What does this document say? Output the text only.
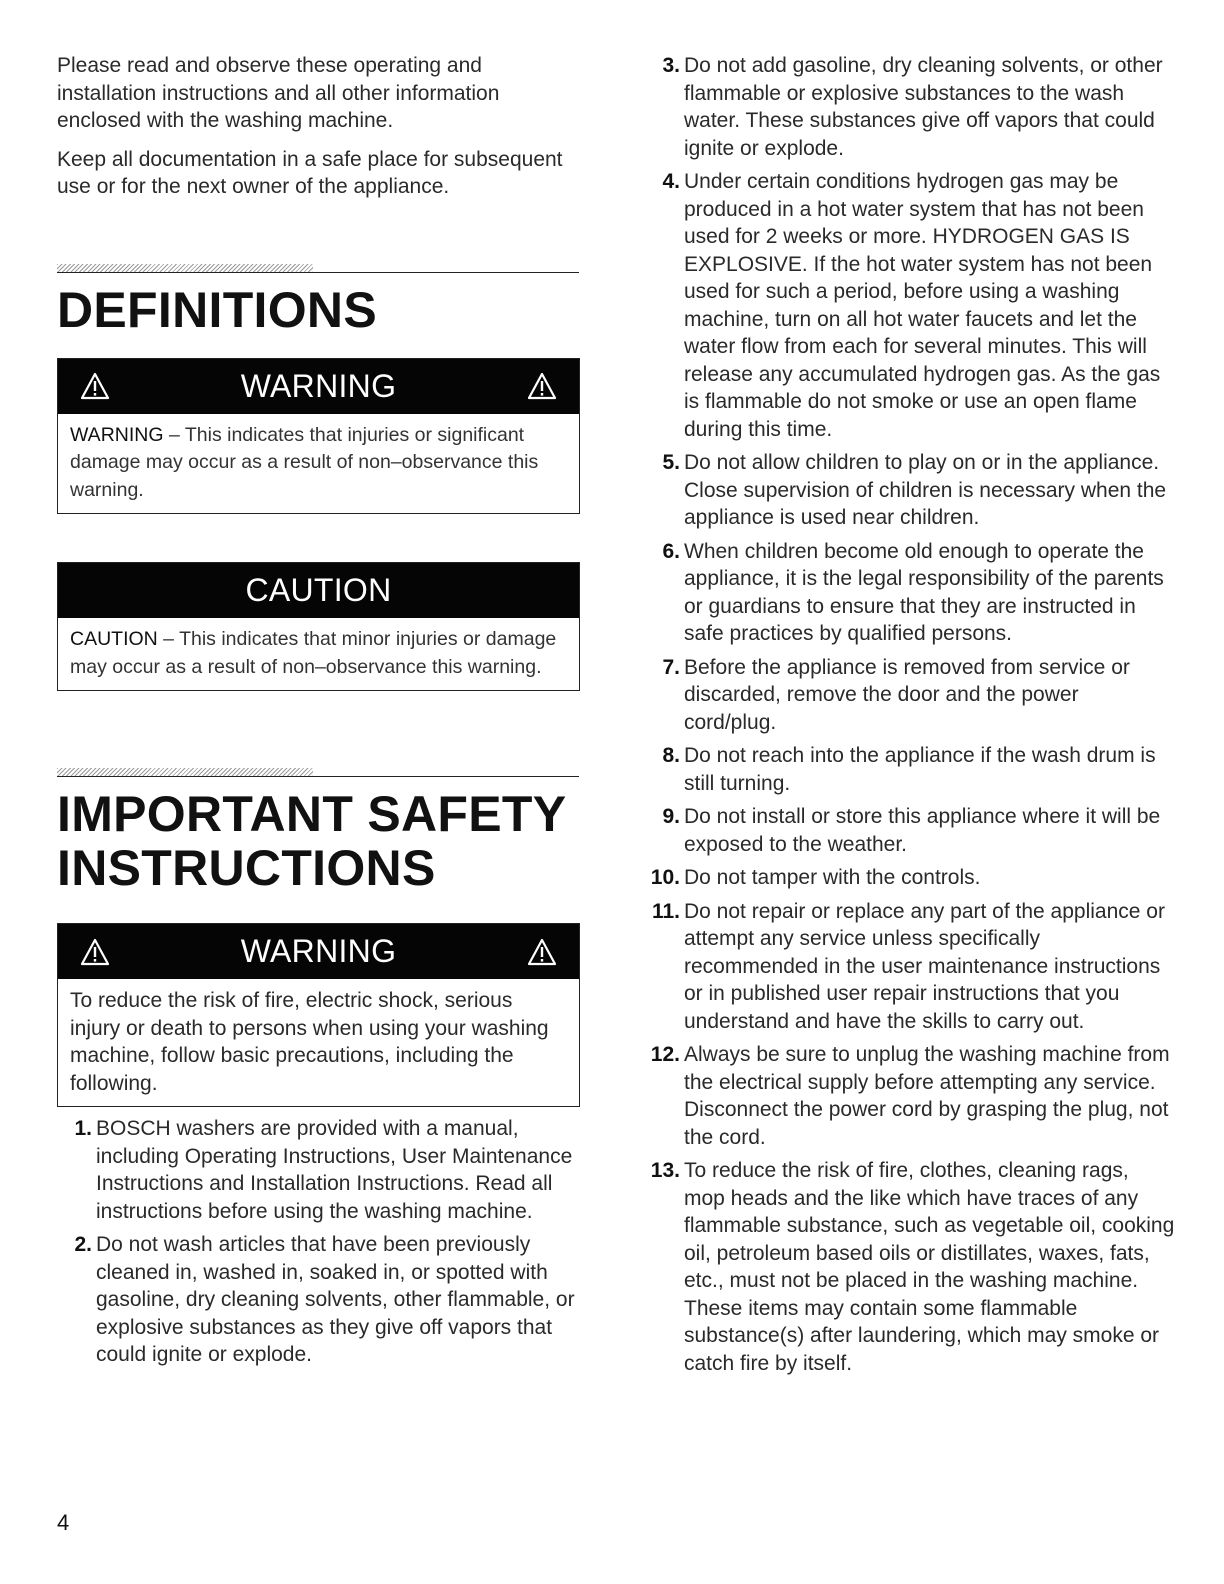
Please read and observe these operating and installation instructions and all other information enclosed with the washing machine.

Keep all documentation in a safe place for subsequent use or for the next owner of the appliance.

DEFINITIONS
WARNING
WARNING – This indicates that injuries or significant damage may occur as a result of non–observance this warning.
CAUTION
CAUTION – This indicates that minor injuries or damage may occur as a result of non–observance this warning.
IMPORTANT SAFETY INSTRUCTIONS
WARNING
To reduce the risk of fire, electric shock, serious injury or death to persons when using your washing machine, follow basic precautions, including the following.
1. BOSCH washers are provided with a manual, including Operating Instructions, User Maintenance Instructions and Installation Instructions. Read all instructions before using the washing machine.
2. Do not wash articles that have been previously cleaned in, washed in, soaked in, or spotted with gasoline, dry cleaning solvents, other flammable, or explosive substances as they give off vapors that could ignite or explode.
3. Do not add gasoline, dry cleaning solvents, or other flammable or explosive substances to the wash water. These substances give off vapors that could ignite or explode.
4. Under certain conditions hydrogen gas may be produced in a hot water system that has not been used for 2 weeks or more. HYDROGEN GAS IS EXPLOSIVE. If the hot water system has not been used for such a period, before using a washing machine, turn on all hot water faucets and let the water flow from each for several minutes. This will release any accumulated hydrogen gas. As the gas is flammable do not smoke or use an open flame during this time.
5. Do not allow children to play on or in the appliance. Close supervision of children is necessary when the appliance is used near children.
6. When children become old enough to operate the appliance, it is the legal responsibility of the parents or guardians to ensure that they are instructed in safe practices by qualified persons.
7. Before the appliance is removed from service or discarded, remove the door and the power cord/plug.
8. Do not reach into the appliance if the wash drum is still turning.
9. Do not install or store this appliance where it will be exposed to the weather.
10. Do not tamper with the controls.
11. Do not repair or replace any part of the appliance or attempt any service unless specifically recommended in the user maintenance instructions or in published user repair instructions that you understand and have the skills to carry out.
12. Always be sure to unplug the washing machine from the electrical supply before attempting any service. Disconnect the power cord by grasping the plug, not the cord.
13. To reduce the risk of fire, clothes, cleaning rags, mop heads and the like which have traces of any flammable substance, such as vegetable oil, cooking oil, petroleum based oils or distillates, waxes, fats, etc., must not be placed in the washing machine. These items may contain some flammable substance(s) after laundering, which may smoke or catch fire by itself.
4
